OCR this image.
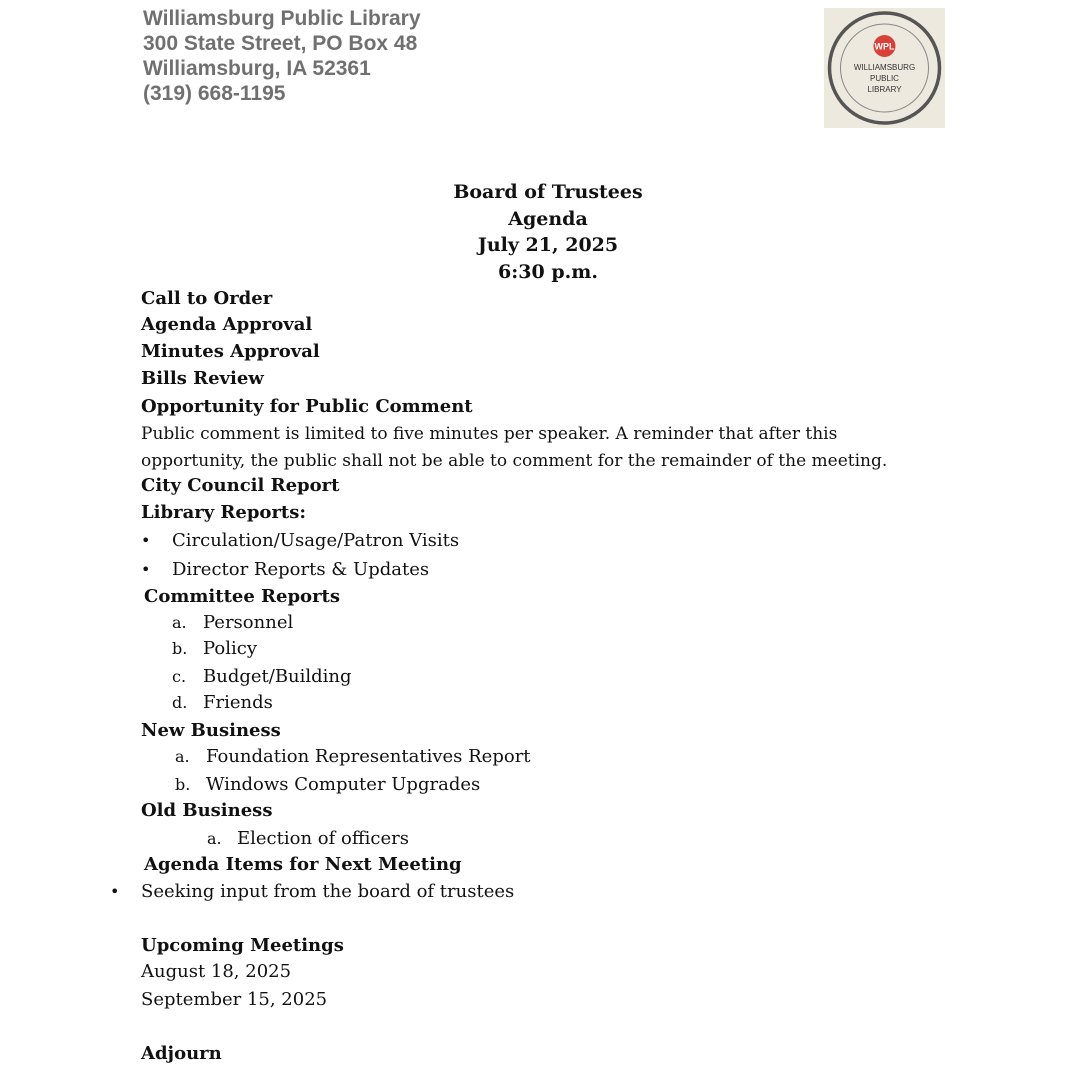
Williamsburg Public Library
300 State Street, PO Box 48
Williamsburg, IA 52361
(319) 668-1195
WPL
WILLIAMSBURG
PUBLIC
LIBRARY
Board of Trustees
Agenda
July 21, 2025
6:30 p.m.
Call to Order
Agenda Approval
Minutes Approval
Bills Review
Opportunity for Public Comment
Public comment is limited to five minutes per speaker. A reminder that after this
opportunity, the public shall not be able to comment for the remainder of the meeting.
City Council Report
Library Reports:
• Circulation/Usage/Patron Visits
• Director Reports & Updates
Committee Reports
a. Personnel
b. Policy
c. Budget/Building
d. Friends
New Business
a. Foundation Representatives Report
b. Windows Computer Upgrades
Old Business
a. Election of officers
Agenda Items for Next Meeting
• Seeking input from the board of trustees
Upcoming Meetings
August 18, 2025
September 15, 2025
Adjourn
